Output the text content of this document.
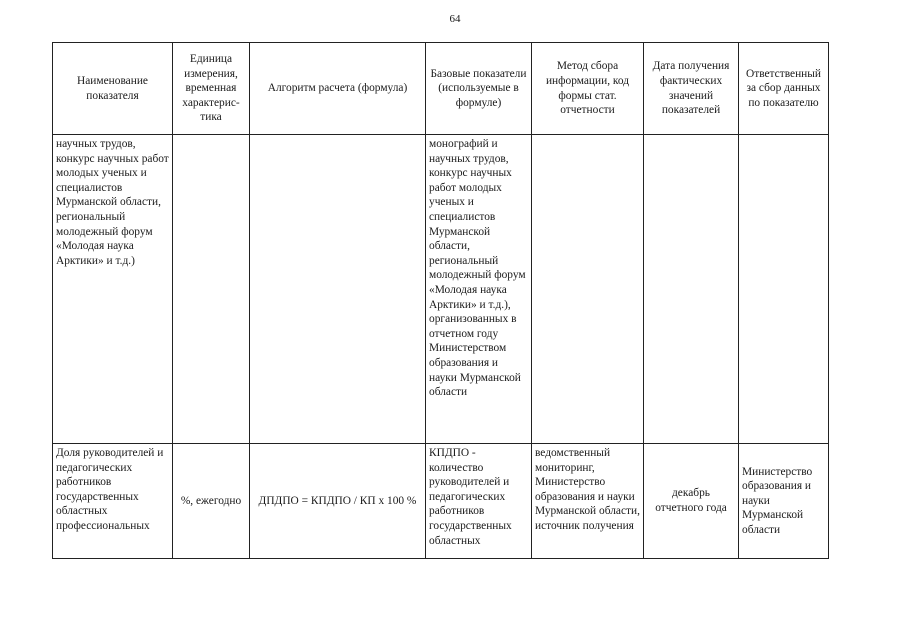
64
Наименование показателя	Единица измерения, временная характерис-тика	Алгоритм расчета (формула)	Базовые показатели (используемые в формуле)	Метод сбора информации, код формы стат. отчетности	Дата получения фактических значений показателей	Ответственный за сбор данных по показателю
научных трудов, конкурс научных работ молодых ученых и специалистов Мурманской области, региональный молодежный форум «Молодая наука Арктики» и т.д.)			монографий и научных трудов, конкурс научных работ молодых ученых и специалистов Мурманской области, региональный молодежный форум «Молодая наука Арктики» и т.д.), организованных в отчетном году Министерством образования и науки Мурманской области			
Доля руководителей и педагогических работников государственных областных профессиональных	%, ежегодно	ДПДПО = КПДПО / КП х 100 %	КПДПО - количество руководителей и педагогических работников государственных областных	ведомственный мониторинг, Министерство образования и науки Мурманской области, источник получения	декабрь отчетного года	Министерство образования и науки Мурманской области
